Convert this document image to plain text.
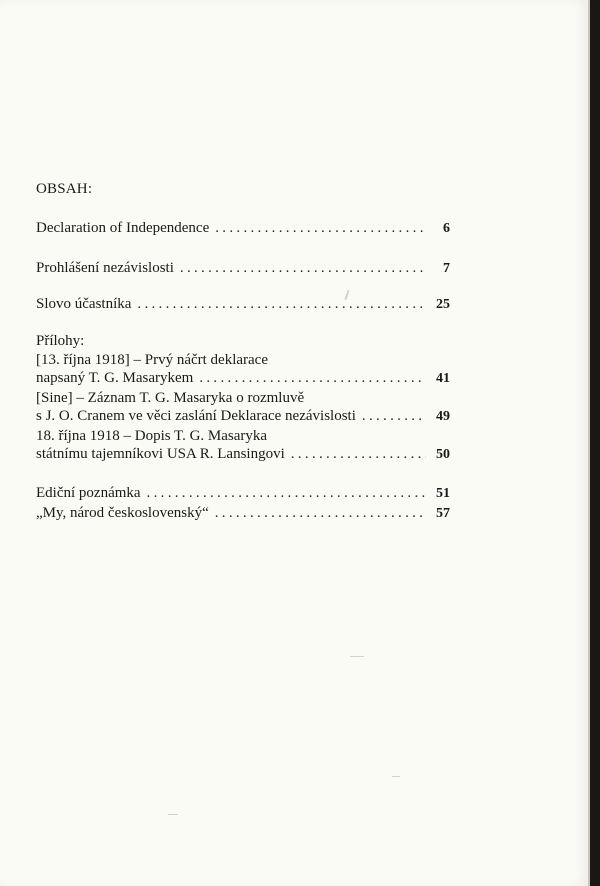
OBSAH:
Declaration of Independence .....	6
Prohlášení nezávislosti .....	7
Slovo účastníka .....	25
Přílohy:
[13. října 1918] – Prvý náčrt deklarace
napsaný T. G. Masarykem .....	41
[Sine] – Záznam T. G. Masaryka o rozmluvě
s J. O. Cranem ve věci zaslání Deklarace nezávislosti .....	49
18. října 1918 – Dopis T. G. Masaryka
státnímu tajemníkovi USA R. Lansingovi .....	50
Ediční poznámka .....	51
„My, národ československý“ .....	57
